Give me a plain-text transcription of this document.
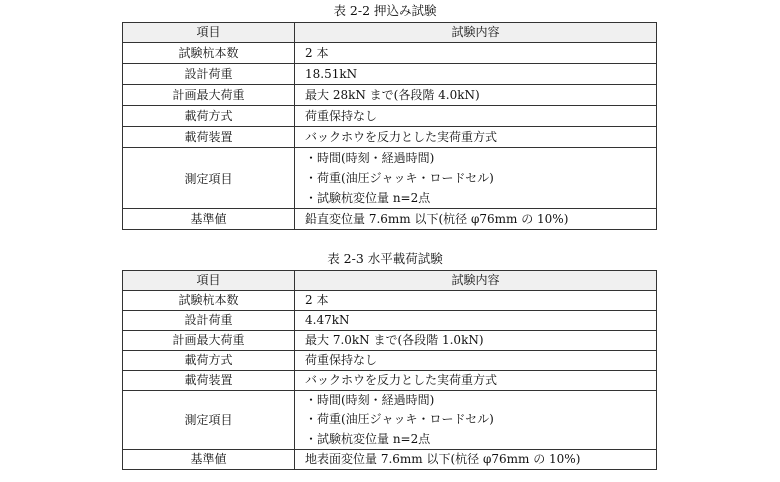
表 2-2 押込み試験
項目	試験内容
試験杭本数	2 本
設計荷重	18.51kN
計画最大荷重	最大 28kN まで(各段階 4.0kN)
載荷方式	荷重保持なし
載荷装置	バックホウを反力とした実荷重方式
測定項目	・時間(時刻・経過時間)
・荷重(油圧ジャッキ・ロードセル)
・試験杭変位量 n=2点

基準値	鉛直変位量 7.6mm 以下(杭径 φ76mm の 10%)
表 2-3 水平載荷試験
項目	試験内容
試験杭本数	2 本
設計荷重	4.47kN
計画最大荷重	最大 7.0kN まで(各段階 1.0kN)
載荷方式	荷重保持なし
載荷装置	バックホウを反力とした実荷重方式
測定項目	・時間(時刻・経過時間)
・荷重(油圧ジャッキ・ロードセル)
・試験杭変位量 n=2点

基準値	地表面変位量 7.6mm 以下(杭径 φ76mm の 10%)
